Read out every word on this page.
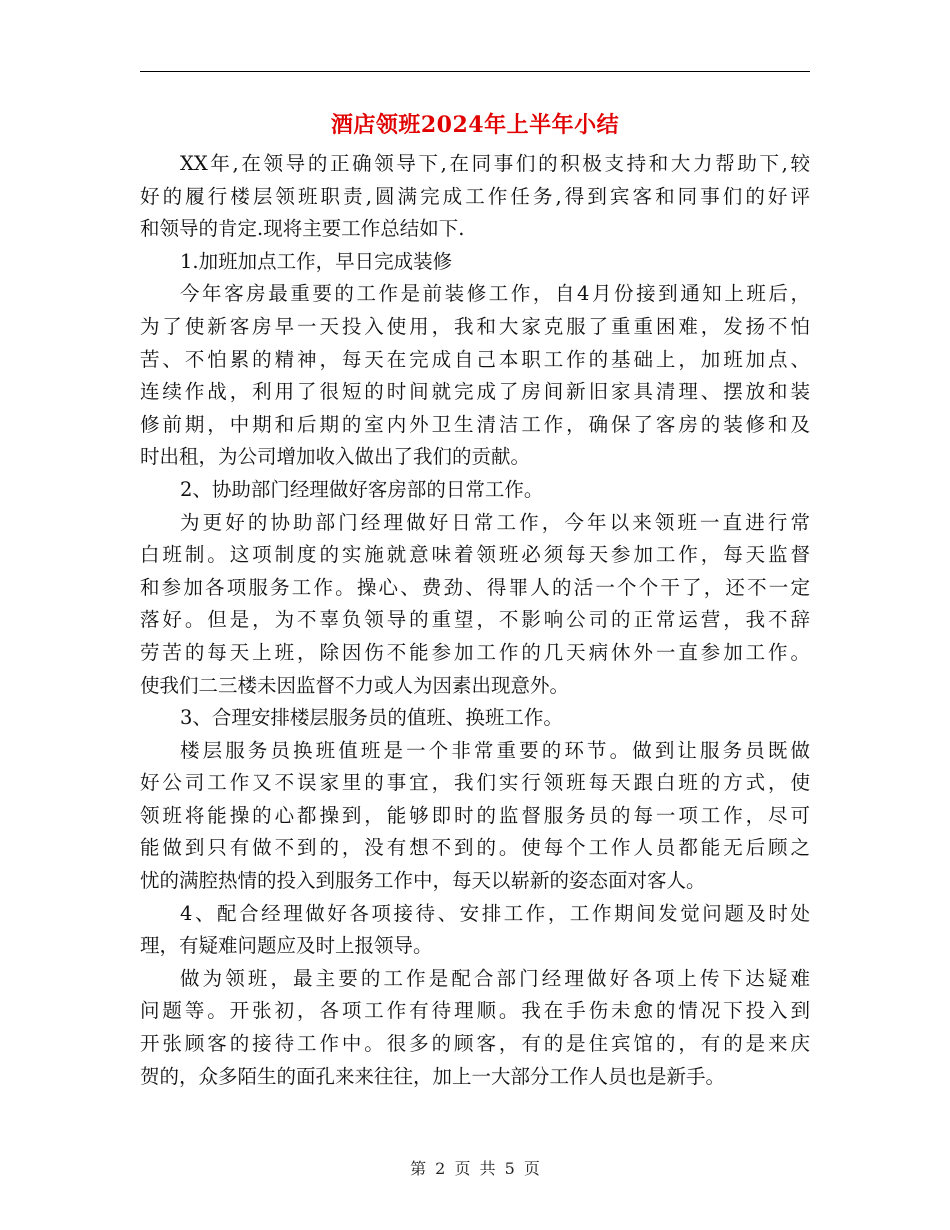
酒店领班2024年上半年小结
XX年,在领导的正确领导下,在同事们的积极支持和大力帮助下,较
好的履行楼层领班职责,圆满完成工作任务,得到宾客和同事们的好评
和领导的肯定.现将主要工作总结如下.
1.加班加点工作，早日完成装修
今年客房最重要的工作是前装修工作，自4月份接到通知上班后，
为了使新客房早一天投入使用，我和大家克服了重重困难，发扬不怕
苦、不怕累的精神，每天在完成自己本职工作的基础上，加班加点、
连续作战，利用了很短的时间就完成了房间新旧家具清理、摆放和装
修前期，中期和后期的室内外卫生清洁工作，确保了客房的装修和及
时出租，为公司增加收入做出了我们的贡献。
2、协助部门经理做好客房部的日常工作。
为更好的协助部门经理做好日常工作，今年以来领班一直进行常
白班制。这项制度的实施就意味着领班必须每天参加工作，每天监督
和参加各项服务工作。操心、费劲、得罪人的活一个个干了，还不一定
落好。但是，为不辜负领导的重望，不影响公司的正常运营，我不辞
劳苦的每天上班，除因伤不能参加工作的几天病休外一直参加工作。
使我们二三楼未因监督不力或人为因素出现意外。
3、合理安排楼层服务员的值班、换班工作。
楼层服务员换班值班是一个非常重要的环节。做到让服务员既做
好公司工作又不误家里的事宜，我们实行领班每天跟白班的方式，使
领班将能操的心都操到，能够即时的监督服务员的每一项工作，尽可
能做到只有做不到的，没有想不到的。使每个工作人员都能无后顾之
忧的满腔热情的投入到服务工作中，每天以崭新的姿态面对客人。
4、配合经理做好各项接待、安排工作，工作期间发觉问题及时处
理，有疑难问题应及时上报领导。
做为领班，最主要的工作是配合部门经理做好各项上传下达疑难
问题等。开张初，各项工作有待理顺。我在手伤未愈的情况下投入到
开张顾客的接待工作中。很多的顾客，有的是住宾馆的，有的是来庆
贺的，众多陌生的面孔来来往往，加上一大部分工作人员也是新手。
第 2 页 共 5 页
